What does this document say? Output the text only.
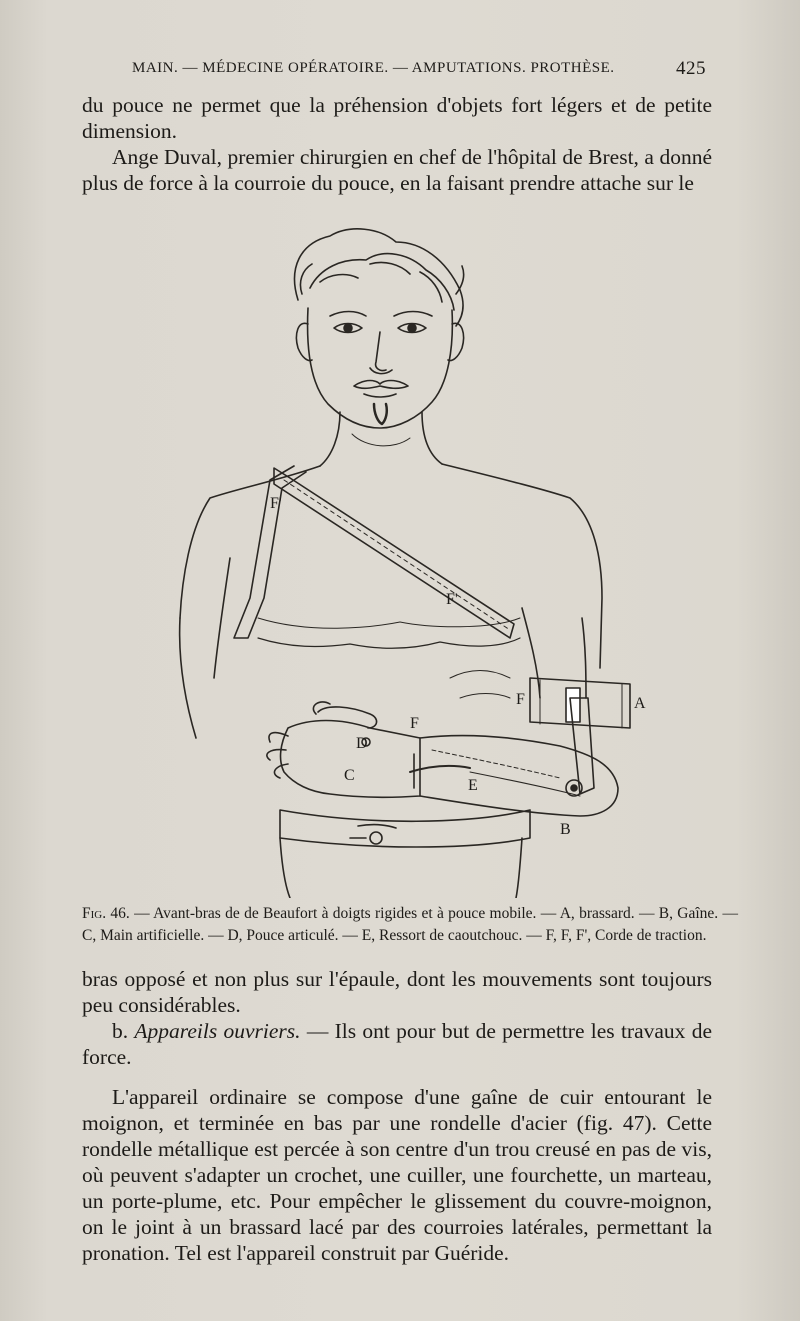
MAIN. — MÉDECINE OPÉRATOIRE. — AMPUTATIONS. PROTHÈSE.	425

du pouce ne permet que la préhension d'objets fort légers et de petite dimension.

Ange Duval, premier chirurgien en chef de l'hôpital de Brest, a donné plus de force à la courroie du pouce, en la faisant prendre attache sur le

F'
F'
F
F	A
D
C
E
B
Fig. 46. — Avant-bras de de Beaufort à doigts rigides et à pouce mobile. — A, brassard. — B, Gaîne. — C, Main artificielle. — D, Pouce articulé. — E, Ressort de caoutchouc. — F, F, F', Corde de traction.

bras opposé et non plus sur l'épaule, dont les mouvements sont toujours peu considérables.

b. Appareils ouvriers. — Ils ont pour but de permettre les travaux de force.

L'appareil ordinaire se compose d'une gaîne de cuir entourant le moignon, et terminée en bas par une rondelle d'acier (fig. 47). Cette rondelle métallique est percée à son centre d'un trou creusé en pas de vis, où peuvent s'adapter un crochet, une cuiller, une fourchette, un marteau, un porte-plume, etc. Pour empêcher le glissement du couvre-moignon, on le joint à un brassard lacé par des courroies latérales, permettant la pronation. Tel est l'appareil construit par Guéride.
